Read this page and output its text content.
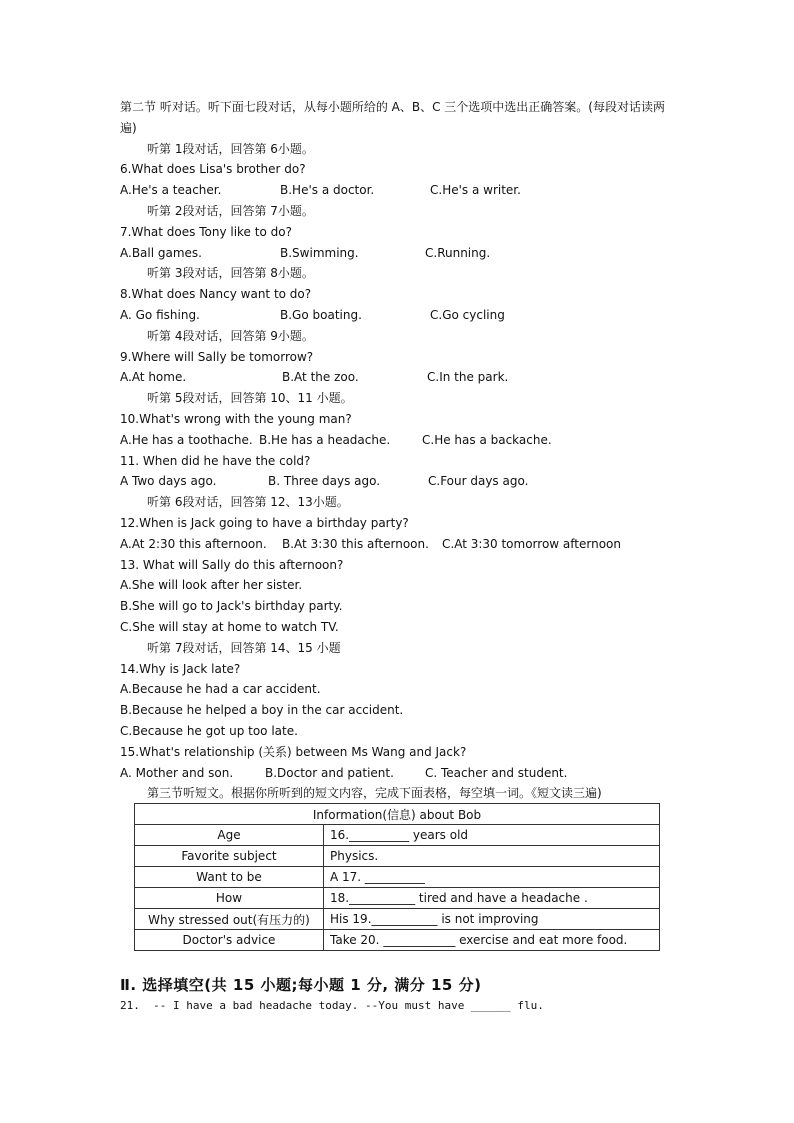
第二节 听对话。听下面七段对话，从每小题所给的 A、B、C 三个选项中选出正确答案。(每段对话读两遍)
听第 1段对话，回答第 6小题。
6.What does Lisa's brother do?
A.He's a teacher.	B.He's a doctor.	C.He's a writer.
听第 2段对话，回答第 7小题。
7.What does Tony like to do?
A.Ball games.	B.Swimming.	C.Running.
听第 3段对话，回答第 8小题。
8.What does Nancy want to do?
A. Go fishing.	B.Go boating.	C.Go cycling
听第 4段对话，回答第 9小题。
9.Where will Sally be tomorrow?
A.At home.	B.At the zoo.	C.In the park.
听第 5段对话，回答第 10、11 小题。
10.What's wrong with the young man?
A.He has a toothache. B.He has a headache.	C.He has a backache.
11. When did he have the cold?
A Two days ago.	B. Three days ago.	C.Four days ago.
听第 6段对话，回答第 12、13小题。
12.When is Jack going to have a birthday party?
A.At 2:30 this afternoon.	B.At 3:30 this afternoon.	C.At 3:30 tomorrow afternoon
13. What will Sally do this afternoon?
A.She will look after her sister.
B.She will go to Jack's birthday party.
C.She will stay at home to watch TV.
听第 7段对话，回答第 14、15 小题
14.Why is Jack late?
A.Because he had a car accident.
B.Because he helped a boy in the car accident.
C.Because he got up too late.
15.What's relationship (关系) between Ms Wang and Jack?
A. Mother and son.	B.Doctor and patient.	C. Teacher and student.
第三节听短文。根据你所听到的短文内容，完成下面表格，每空填一词。《短文读三遍)
Information(信息) about Bob	
Age	16.__________ years old
Favorite subject	Physics.
Want to be	A 17. __________
How	18.___________ tired and have a headache .
Why stressed out(有压力的)	His 19.___________ is not improving
Doctor's advice	Take 20. ____________ exercise and eat more food.
Ⅱ. 选择填空(共 15 小题;每小题 1 分, 满分 15 分)
21.  -- I have a bad headache today. --You must have ______ flu.
